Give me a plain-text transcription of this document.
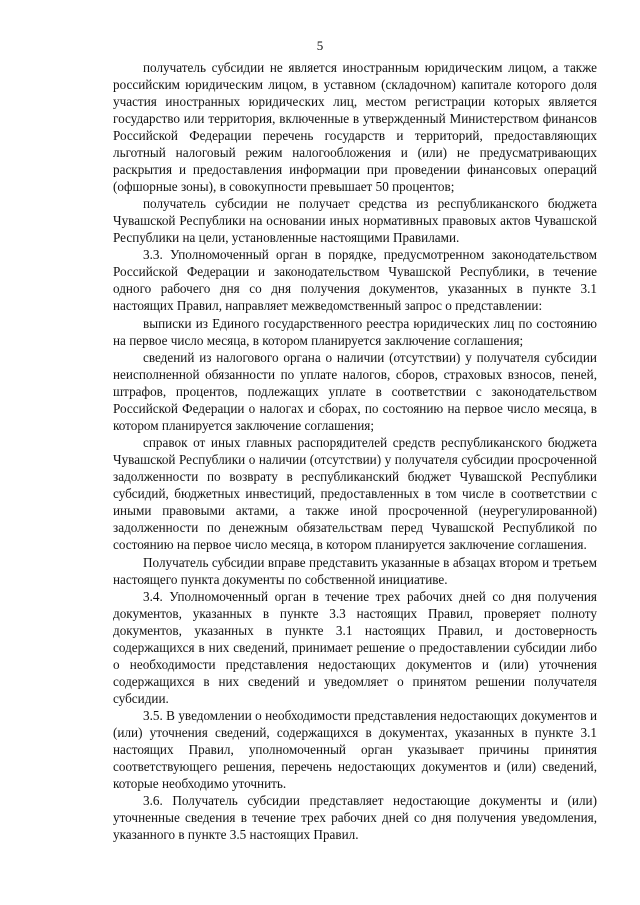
5

получатель субсидии не является иностранным юридическим лицом, а также российским юридическим лицом, в уставном (складочном) капитале которого доля участия иностранных юридических лиц, местом регистрации которых является государство или территория, включенные в утвержденный Министерством финансов Российской Федерации перечень государств и территорий, предоставляющих льготный налоговый режим налогообложения и (или) не предусматривающих раскрытия и предоставления информации при проведении финансовых операций (офшорные зоны), в совокупности превышает 50 процентов;

получатель субсидии не получает средства из республиканского бюджета Чувашской Республики на основании иных нормативных правовых актов Чувашской Республики на цели, установленные настоящими Правилами.

3.3. Уполномоченный орган в порядке, предусмотренном законодательством Российской Федерации и законодательством Чувашской Республики, в течение одного рабочего дня со дня получения документов, указанных в пункте 3.1 настоящих Правил, направляет межведомственный запрос о представлении:

выписки из Единого государственного реестра юридических лиц по состоянию на первое число месяца, в котором планируется заключение соглашения;

сведений из налогового органа о наличии (отсутствии) у получателя субсидии неисполненной обязанности по уплате налогов, сборов, страховых взносов, пеней, штрафов, процентов, подлежащих уплате в соответствии с законодательством Российской Федерации о налогах и сборах, по состоянию на первое число месяца, в котором планируется заключение соглашения;

справок от иных главных распорядителей средств республиканского бюджета Чувашской Республики о наличии (отсутствии) у получателя субсидии просроченной задолженности по возврату в республиканский бюджет Чувашской Республики субсидий, бюджетных инвестиций, предоставленных в том числе в соответствии с иными правовыми актами, а также иной просроченной (неурегулированной) задолженности по денежным обязательствам перед Чувашской Республикой по состоянию на первое число месяца, в котором планируется заключение соглашения.

Получатель субсидии вправе представить указанные в абзацах втором и третьем настоящего пункта документы по собственной инициативе.

3.4. Уполномоченный орган в течение трех рабочих дней со дня получения документов, указанных в пункте 3.3 настоящих Правил, проверяет полноту документов, указанных в пункте 3.1 настоящих Правил, и достоверность содержащихся в них сведений, принимает решение о предоставлении субсидии либо о необходимости представления недостающих документов и (или) уточнения содержащихся в них сведений и уведомляет о принятом решении получателя субсидии.

3.5. В уведомлении о необходимости представления недостающих документов и (или) уточнения сведений, содержащихся в документах, указанных в пункте 3.1 настоящих Правил, уполномоченный орган указывает причины принятия соответствующего решения, перечень недостающих документов и (или) сведений, которые необходимо уточнить.

3.6. Получатель субсидии представляет недостающие документы и (или) уточненные сведения в течение трех рабочих дней со дня получения уведомления, указанного в пункте 3.5 настоящих Правил.
